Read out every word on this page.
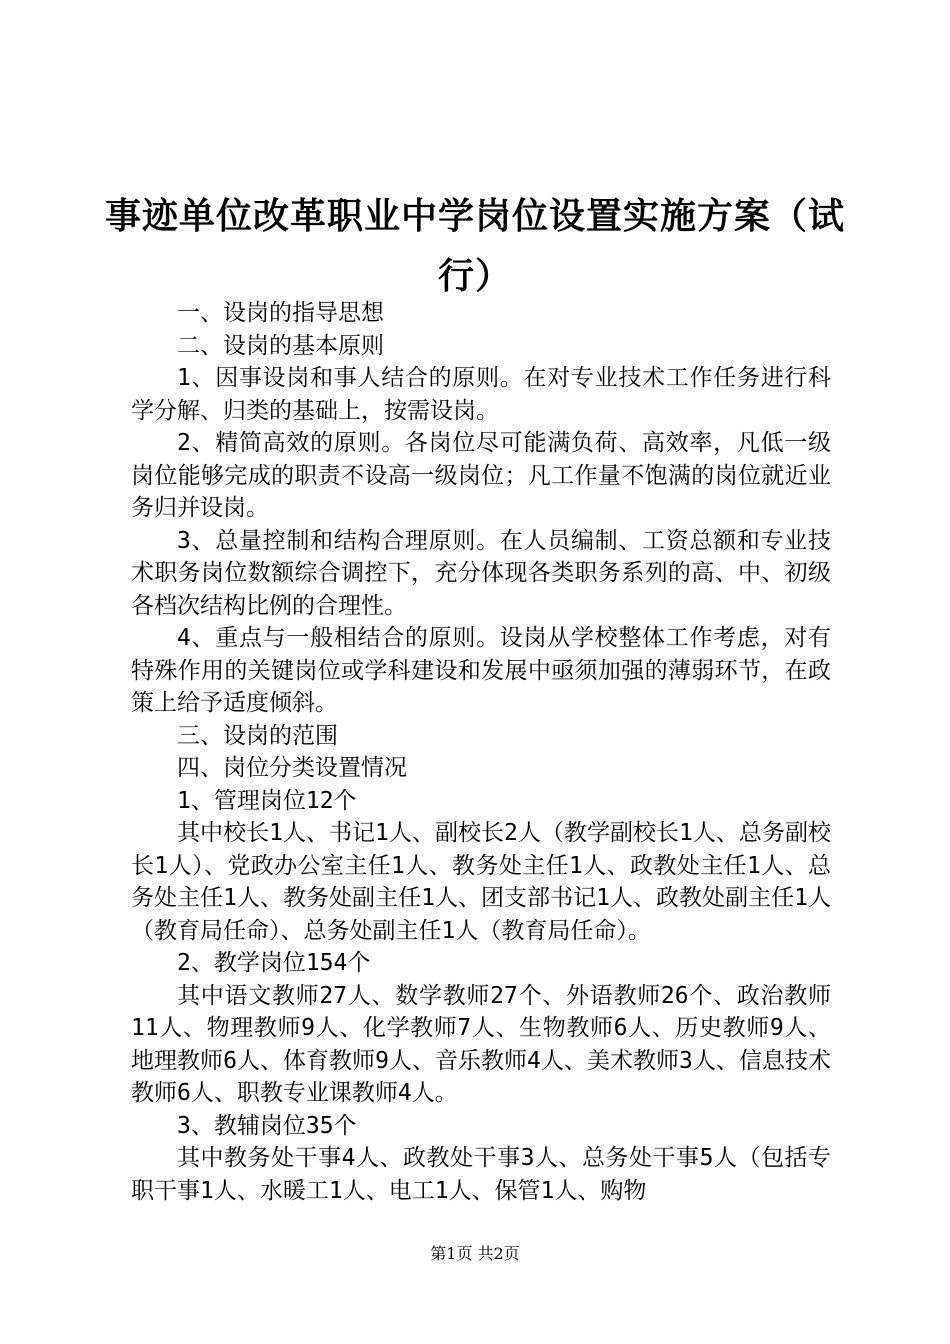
事迹单位改革职业中学岗位设置实施方案（试行）

一、设岗的指导思想

二、设岗的基本原则

1、因事设岗和事人结合的原则。在对专业技术工作任务进行科学分解、归类的基础上，按需设岗。

2、精简高效的原则。各岗位尽可能满负荷、高效率，凡低一级岗位能够完成的职责不设高一级岗位；凡工作量不饱满的岗位就近业务归并设岗。

3、总量控制和结构合理原则。在人员编制、工资总额和专业技术职务岗位数额综合调控下，充分体现各类职务系列的高、中、初级各档次结构比例的合理性。

4、重点与一般相结合的原则。设岗从学校整体工作考虑，对有特殊作用的关键岗位或学科建设和发展中亟须加强的薄弱环节，在政策上给予适度倾斜。

三、设岗的范围

四、岗位分类设置情况

1、管理岗位12个

其中校长1人、书记1人、副校长2人（教学副校长1人、总务副校长1人）、党政办公室主任1人、教务处主任1人、政教处主任1人、总务处主任1人、教务处副主任1人、团支部书记1人、政教处副主任1人（教育局任命）、总务处副主任1人（教育局任命）。

2、教学岗位154个

其中语文教师27人、数学教师27个、外语教师26个、政治教师11人、物理教师9人、化学教师7人、生物教师6人、历史教师9人、地理教师6人、体育教师9人、音乐教师4人、美术教师3人、信息技术教师6人、职教专业课教师4人。

3、教辅岗位35个

其中教务处干事4人、政教处干事3人、总务处干事5人（包括专职干事1人、水暖工1人、电工1人、保管1人、购物

第1页 共2页
